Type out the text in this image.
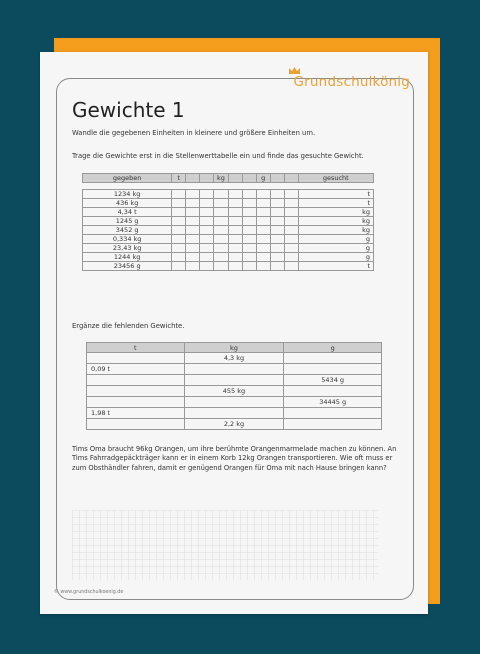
Grundschulkönig
Gewichte 1
Wandle die gegebenen Einheiten in kleinere und größere Einheiten um.
Trage die Gewichte erst in die Stellenwerttabelle ein und finde das gesuchte Gewicht.
gegeben	t			kg			g			gesucht

1234 kg										t
436 kg										t
4,34 t										kg
1245 g										kg
3452 g										kg
0,334 kg										g
23,43 kg										g
1244 kg										g
23456 g										t
Ergänze die fehlenden Gewichte.
t	kg	g
	4,3 kg	
0,09 t		
		5434 g
	455 kg	
		34445 g
1,98 t		
	2,2 kg	
Tims Oma braucht 96kg Orangen, um ihre berühmte Orangenmarmelade machen zu können. An Tims Fahrradgepäckträger kann er in einem Korb 12kg Orangen transportieren. Wie oft muss er zum Obsthändler fahren, damit er genügend Orangen für Oma mit nach Hause bringen kann?
© www.grundschulkoenig.de
